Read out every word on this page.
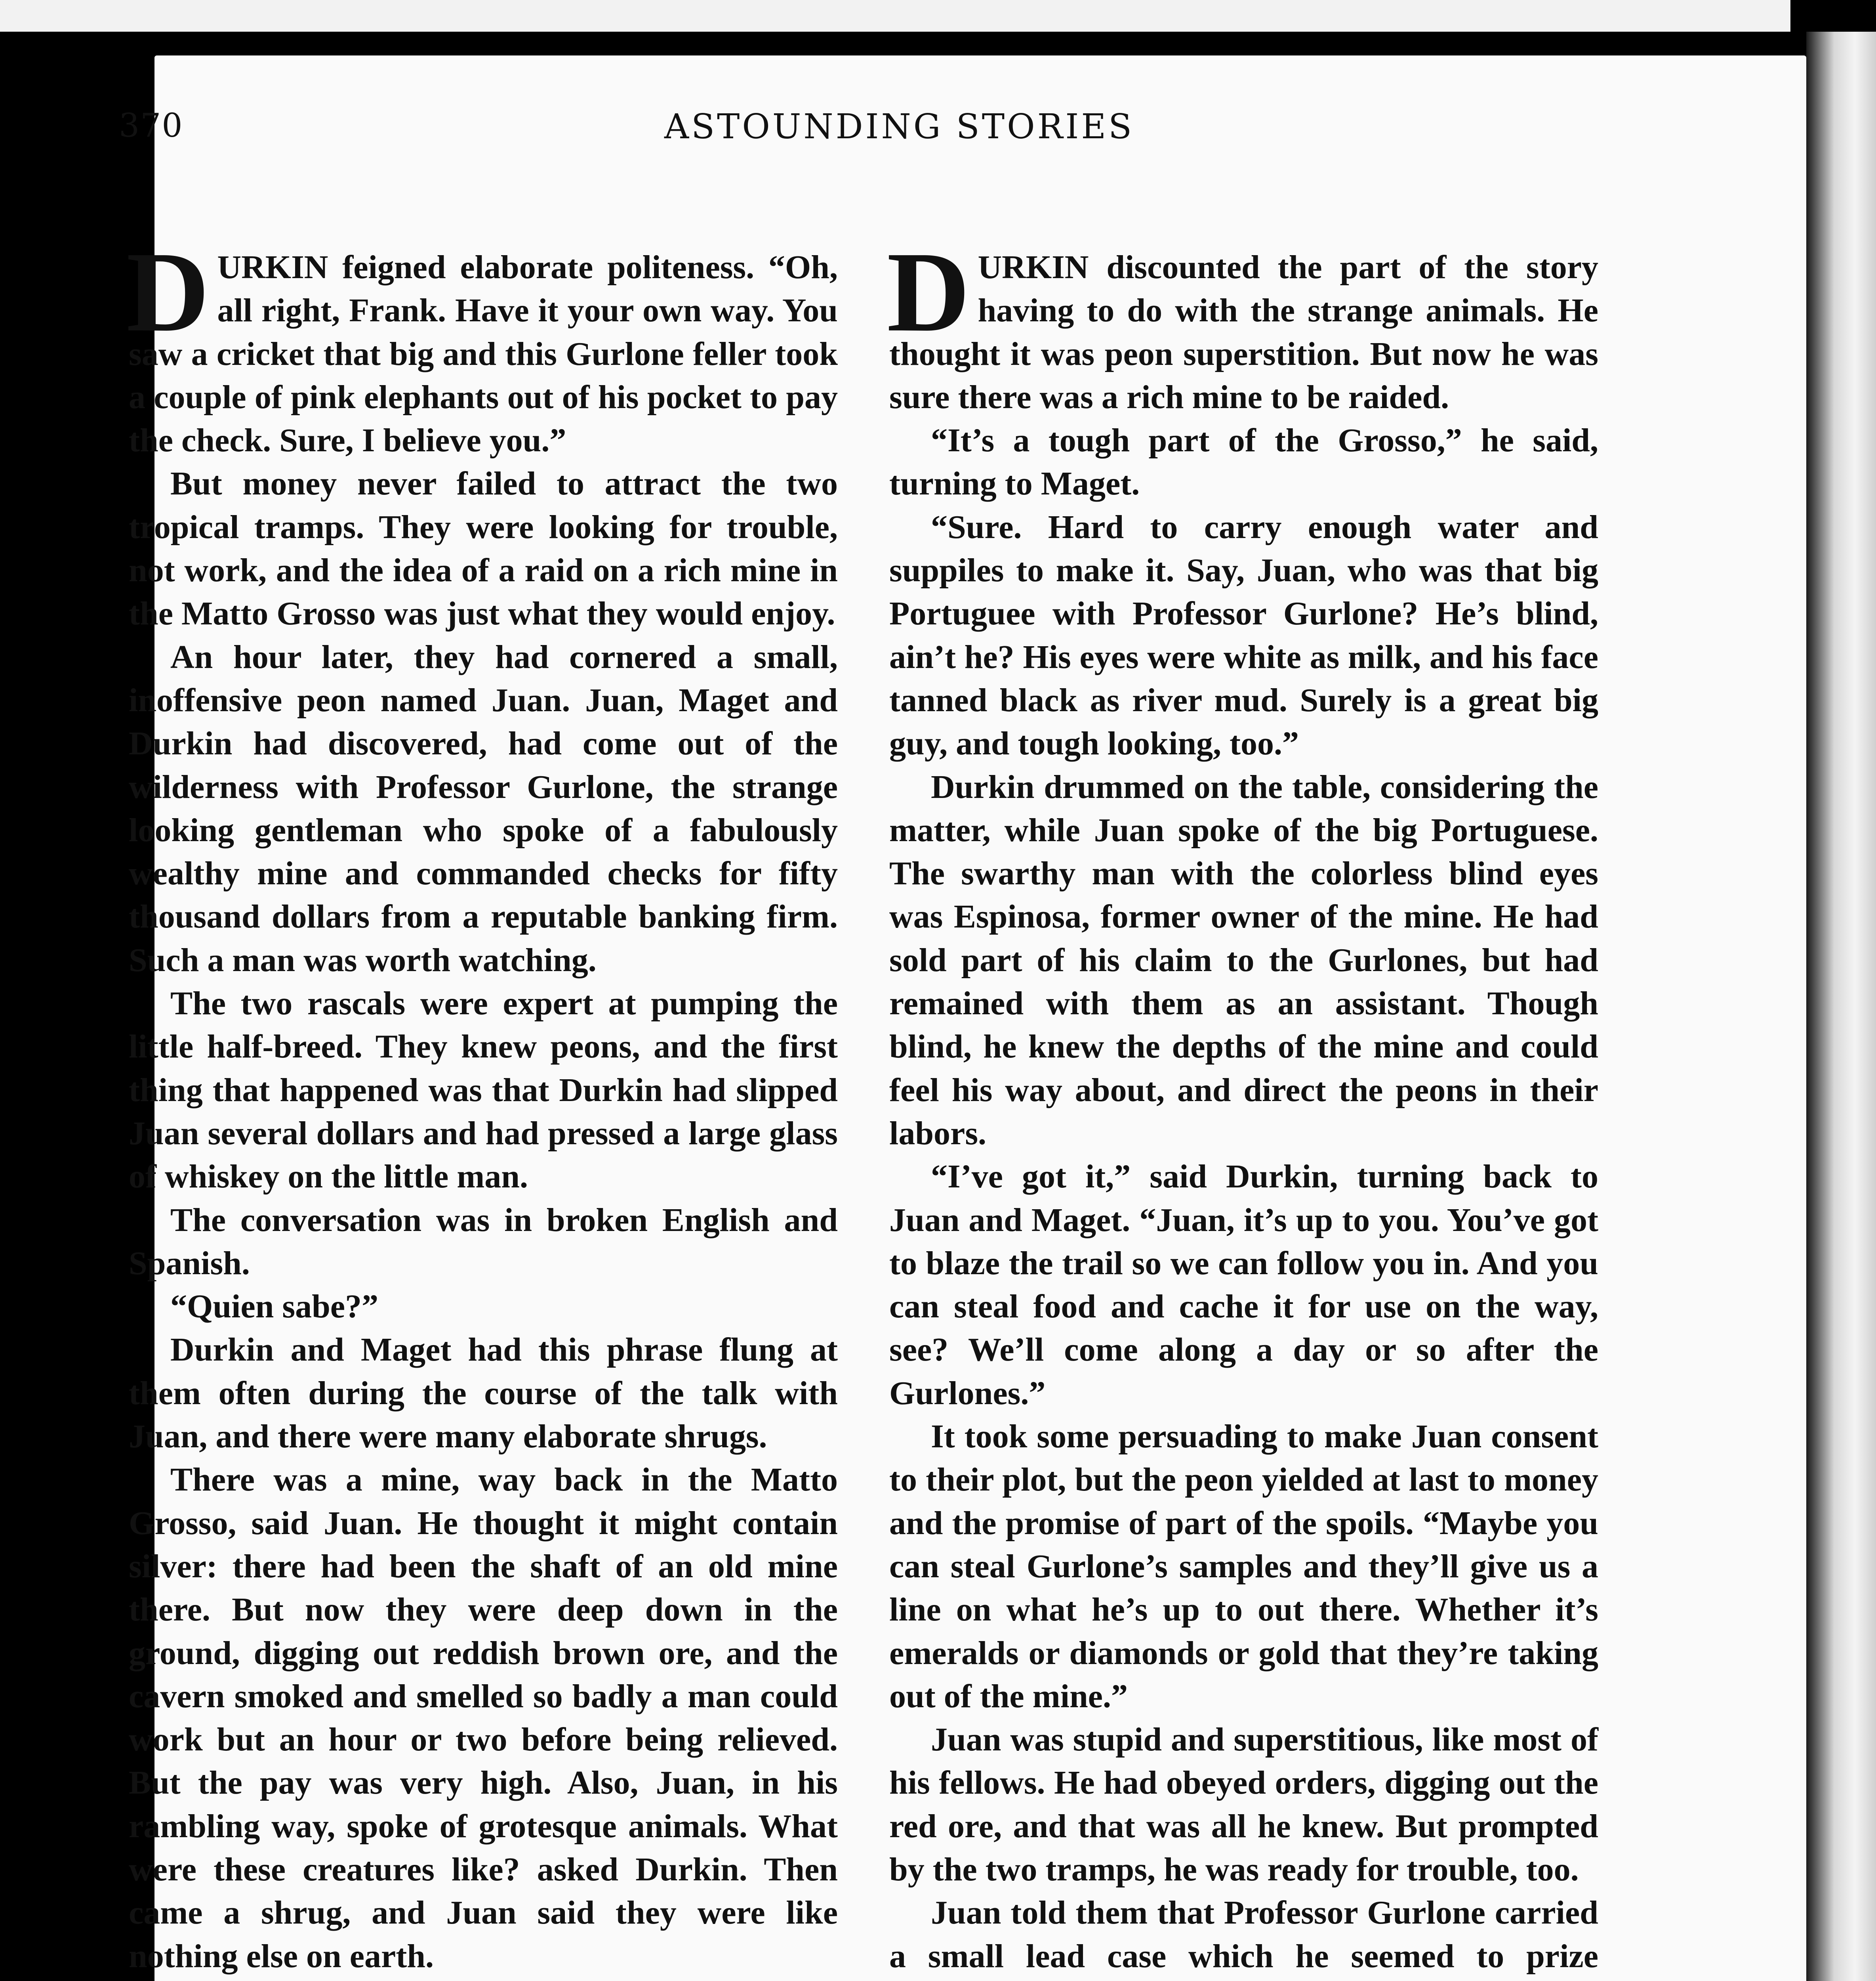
370	ASTOUNDING STORIES

DURKIN feigned elaborate politeness. “Oh, all right, Frank. Have it your own way. You saw a cricket that big and this Gurlone feller took a couple of pink elephants out of his pocket to pay the check. Sure, I believe you.”

But money never failed to attract the two tropical tramps. They were looking for trouble, not work, and the idea of a raid on a rich mine in the Matto Grosso was just what they would enjoy.

An hour later, they had cornered a small, inoffensive peon named Juan. Juan, Maget and Durkin had discovered, had come out of the wilderness with Professor Gurlone, the strange looking gentleman who spoke of a fabulously wealthy mine and commanded checks for fifty thousand dollars from a reputable banking firm. Such a man was worth watching.

The two rascals were expert at pumping the little half-breed. They knew peons, and the first thing that happened was that Durkin had slipped Juan several dollars and had pressed a large glass of whiskey on the little man.

The conversation was in broken English and Spanish.

“Quien sabe?”

Durkin and Maget had this phrase flung at them often during the course of the talk with Juan, and there were many elaborate shrugs.

There was a mine, way back in the Matto Grosso, said Juan. He thought it might contain silver: there had been the shaft of an old mine there. But now they were deep down in the ground, digging out reddish brown ore, and the cavern smoked and smelled so badly a man could work but an hour or two before being relieved. But the pay was very high. Also, Juan, in his rambling way, spoke of grotesque animals. What were these creatures like? asked Durkin. Then came a shrug, and Juan said they were like nothing else on earth.

DURKIN discounted the part of the story having to do with the strange animals. He thought it was peon superstition. But now he was sure there was a rich mine to be raided.

“It’s a tough part of the Grosso,” he said, turning to Maget.

“Sure. Hard to carry enough water and suppiles to make it. Say, Juan, who was that big Portuguee with Professor Gurlone? He’s blind, ain’t he? His eyes were white as milk, and his face tanned black as river mud. Surely is a great big guy, and tough looking, too.”

Durkin drummed on the table, considering the matter, while Juan spoke of the big Portuguese. The swarthy man with the colorless blind eyes was Espinosa, former owner of the mine. He had sold part of his claim to the Gurlones, but had remained with them as an assistant. Though blind, he knew the depths of the mine and could feel his way about, and direct the peons in their labors.

“I’ve got it,” said Durkin, turning back to Juan and Maget. “Juan, it’s up to you. You’ve got to blaze the trail so we can follow you in. And you can steal food and cache it for use on the way, see? We’ll come along a day or so after the Gurlones.”

It took some persuading to make Juan consent to their plot, but the peon yielded at last to money and the promise of part of the spoils. “Maybe you can steal Gurlone’s samples and they’ll give us a line on what he’s up to out there. Whether it’s emeralds or diamonds or gold that they’re taking out of the mine.”

Juan was stupid and superstitious, like most of his fellows. He had obeyed orders, digging out the red ore, and that was all he knew. But prompted by the two tramps, he was ready for trouble, too.

Juan told them that Professor Gurlone carried a small lead case which he seemed to prize
